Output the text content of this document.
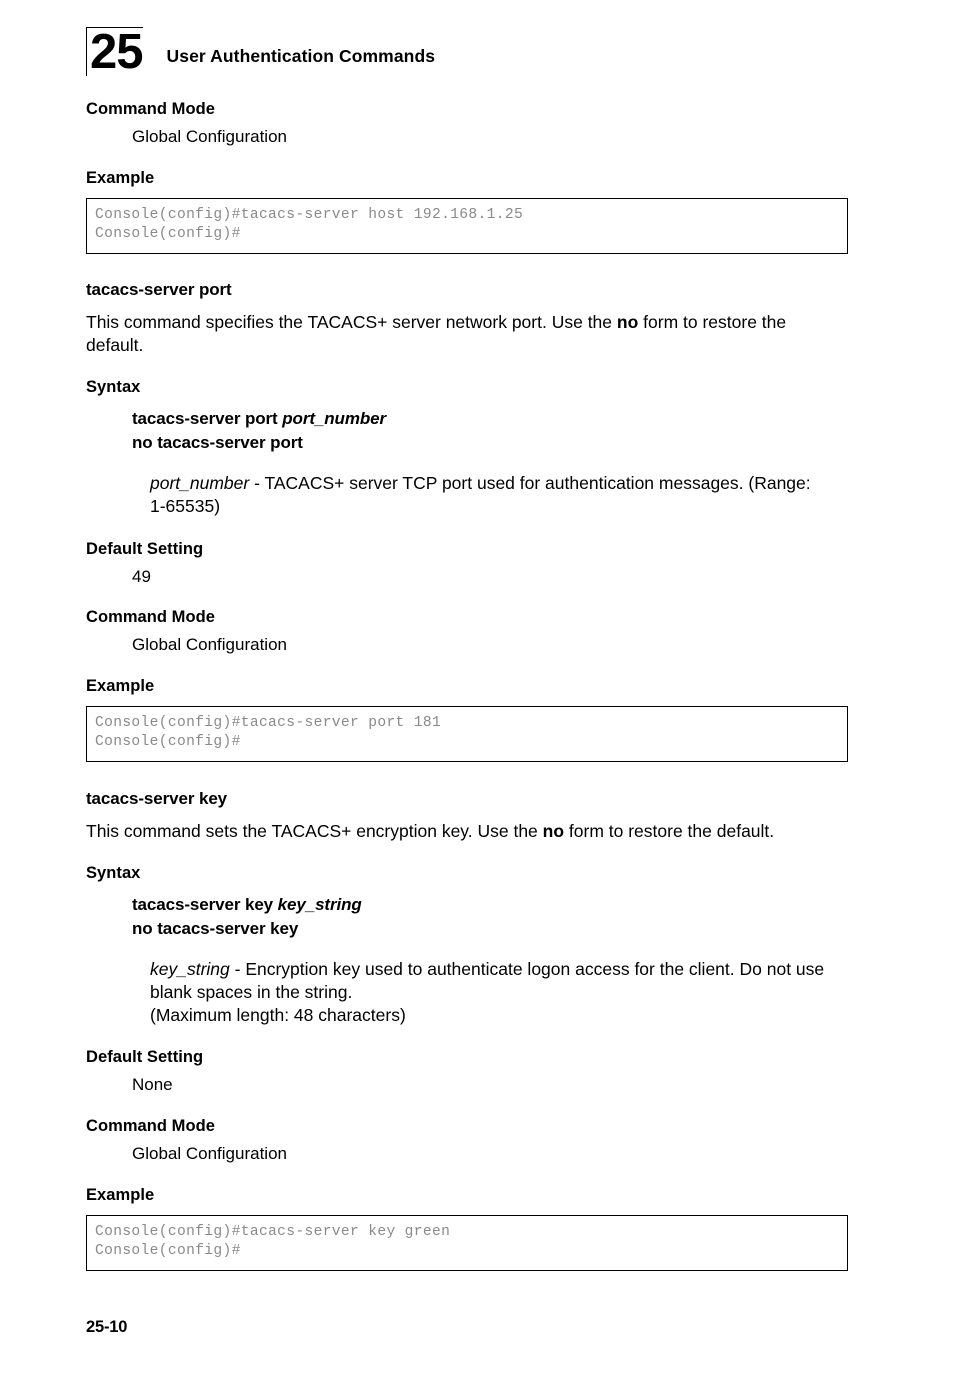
25 User Authentication Commands
Command Mode
Global Configuration
Example
Console(config)#tacacs-server host 192.168.1.25
Console(config)#
tacacs-server port

This command specifies the TACACS+ server network port. Use the no form to restore the default.

Syntax
tacacs-server port port_number
no tacacs-server port
port_number - TACACS+ server TCP port used for authentication messages. (Range: 1-65535)
Default Setting
49
Command Mode
Global Configuration
Example
Console(config)#tacacs-server port 181
Console(config)#
tacacs-server key

This command sets the TACACS+ encryption key. Use the no form to restore the default.

Syntax
tacacs-server key key_string
no tacacs-server key
key_string - Encryption key used to authenticate logon access for the client. Do not use blank spaces in the string.
(Maximum length: 48 characters)
Default Setting
None
Command Mode
Global Configuration
Example
Console(config)#tacacs-server key green
Console(config)#
25-10
